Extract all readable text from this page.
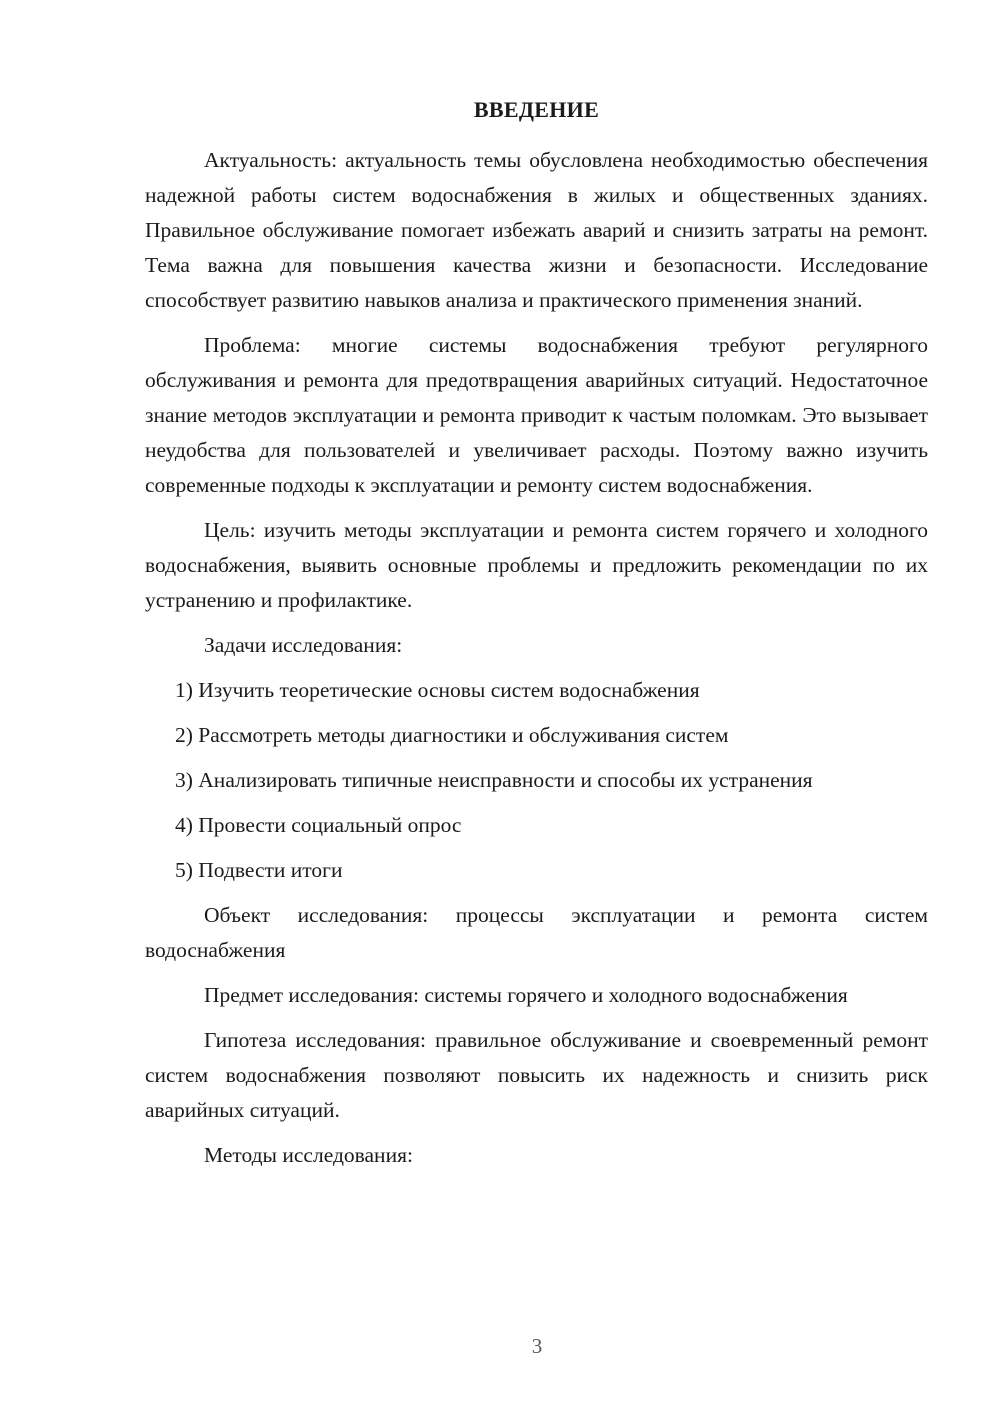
ВВЕДЕНИЕ

Актуальность: актуальность темы обусловлена необходимостью обеспечения надежной работы систем водоснабжения в жилых и общественных зданиях. Правильное обслуживание помогает избежать аварий и снизить затраты на ремонт. Тема важна для повышения качества жизни и безопасности. Исследование способствует развитию навыков анализа и практического применения знаний.

Проблема: многие системы водоснабжения требуют регулярного обслуживания и ремонта для предотвращения аварийных ситуаций. Недостаточное знание методов эксплуатации и ремонта приводит к частым поломкам. Это вызывает неудобства для пользователей и увеличивает расходы. Поэтому важно изучить современные подходы к эксплуатации и ремонту систем водоснабжения.

Цель: изучить методы эксплуатации и ремонта систем горячего и холодного водоснабжения, выявить основные проблемы и предложить рекомендации по их устранению и профилактике.

Задачи исследования:

1) Изучить теоретические основы систем водоснабжения
2) Рассмотреть методы диагностики и обслуживания систем
3) Анализировать типичные неисправности и способы их устранения
4) Провести социальный опрос
5) Подвести итоги

Объект исследования: процессы эксплуатации и ремонта систем водоснабжения

Предмет исследования: системы горячего и холодного водоснабжения

Гипотеза исследования: правильное обслуживание и своевременный ремонт систем водоснабжения позволяют повысить их надежность и снизить риск аварийных ситуаций.

Методы исследования:

3
